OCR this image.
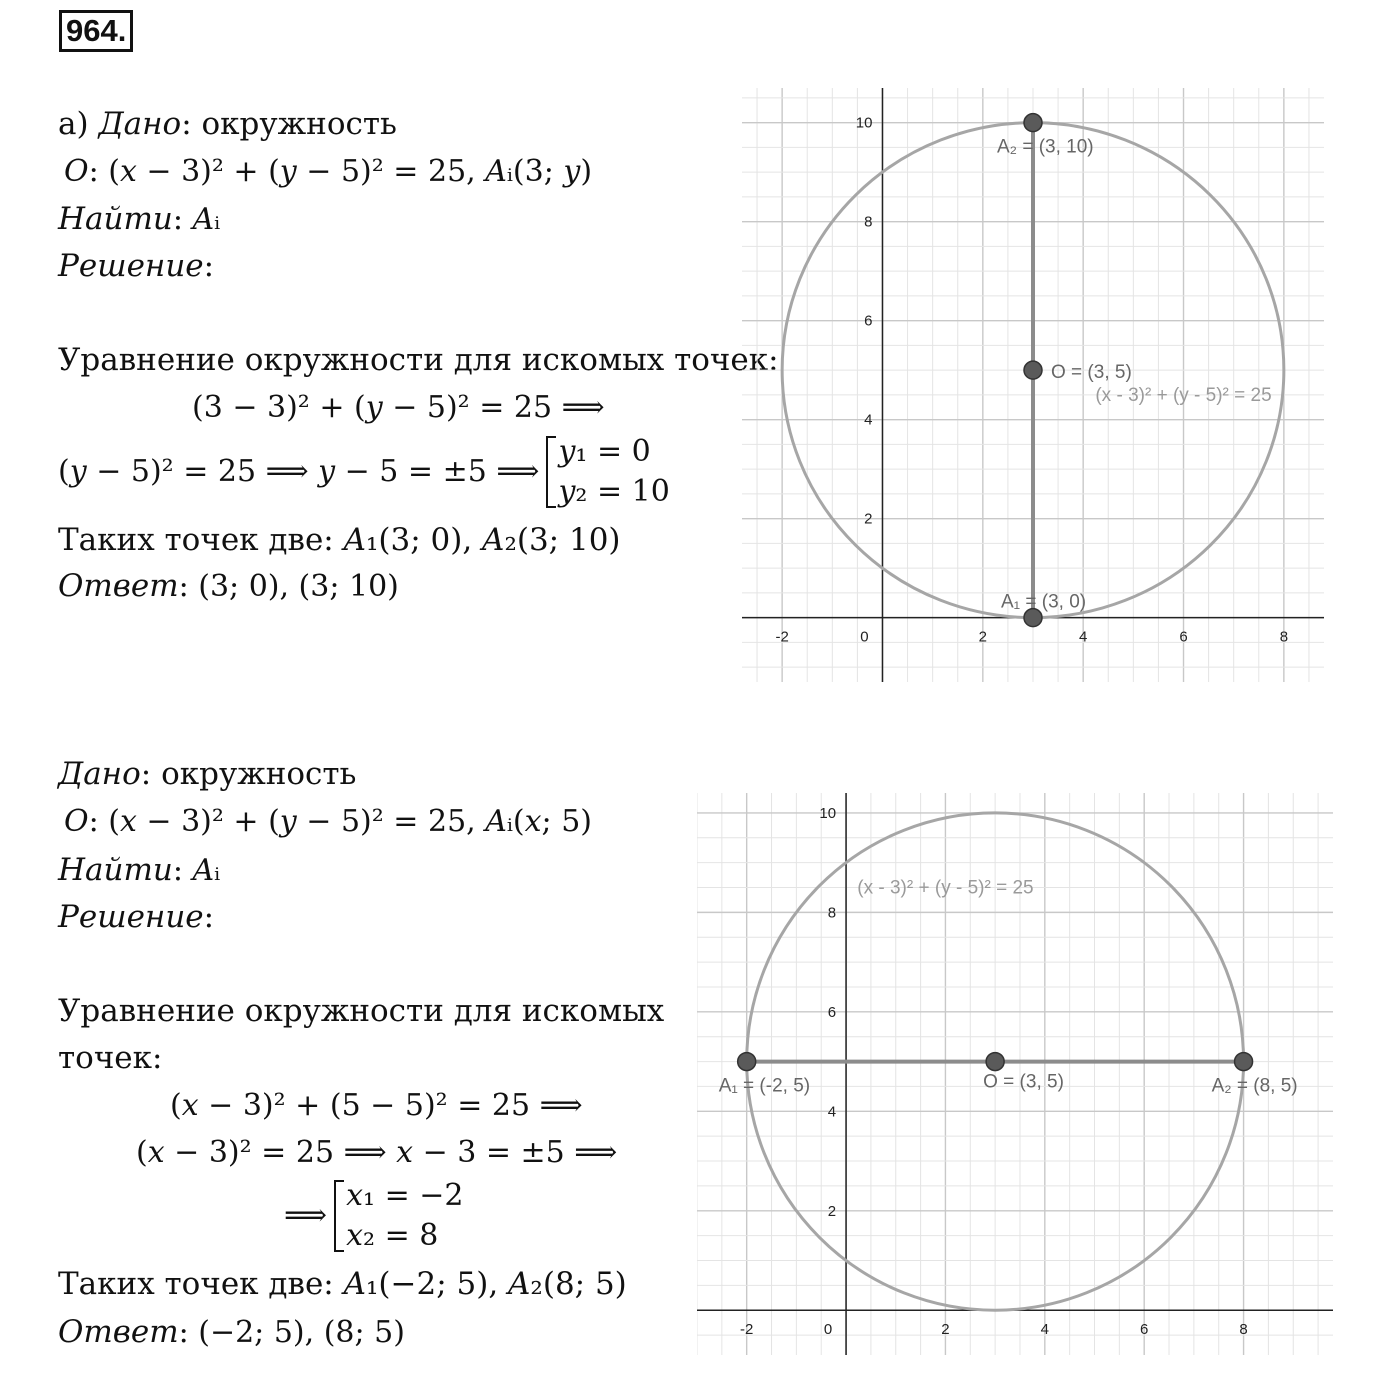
964.
а) Дано: окружность
𝑂: (𝑥 − 3)² + (𝑦 − 5)² = 25, 𝐴ᵢ(3; 𝑦)
Найти: 𝐴ᵢ
Решение:
Уравнение окружности для искомых точек:
(3 − 3)² + (𝑦 − 5)² = 25 ⟹
(𝑦 − 5)² = 25 ⟹ 𝑦 − 5 = ±5 ⟹
𝑦₁ = 0
𝑦₂ = 10
Таких точек две: 𝐴₁(3; 0), 𝐴₂(3; 10)
Ответ: (3; 0), (3; 10)
Дано: окружность
𝑂: (𝑥 − 3)² + (𝑦 − 5)² = 25, 𝐴ᵢ(𝑥; 5)
Найти: 𝐴ᵢ
Решение:
Уравнение окружности для искомых
точек:
(𝑥 − 3)² + (5 − 5)² = 25 ⟹
(𝑥 − 3)² = 25 ⟹ 𝑥 − 3 = ±5 ⟹
⟹
𝑥₁ = −2
𝑥₂ = 8
Таких точек две: 𝐴₁(−2; 5), 𝐴₂(8; 5)
Ответ: (−2; 5), (8; 5)
-2	0	2	4	6	8
2
4
6
8
10
(x - 3)² + (y - 5)² = 25
A₁ = (3, 0)
O = (3, 5)
A₂ = (3, 10)
-2	0	2	4	6	8
2
4
6
8
10
(x - 3)² + (y - 5)² = 25
A₁ = (-2, 5)	O = (3, 5)	A₂ = (8, 5)
